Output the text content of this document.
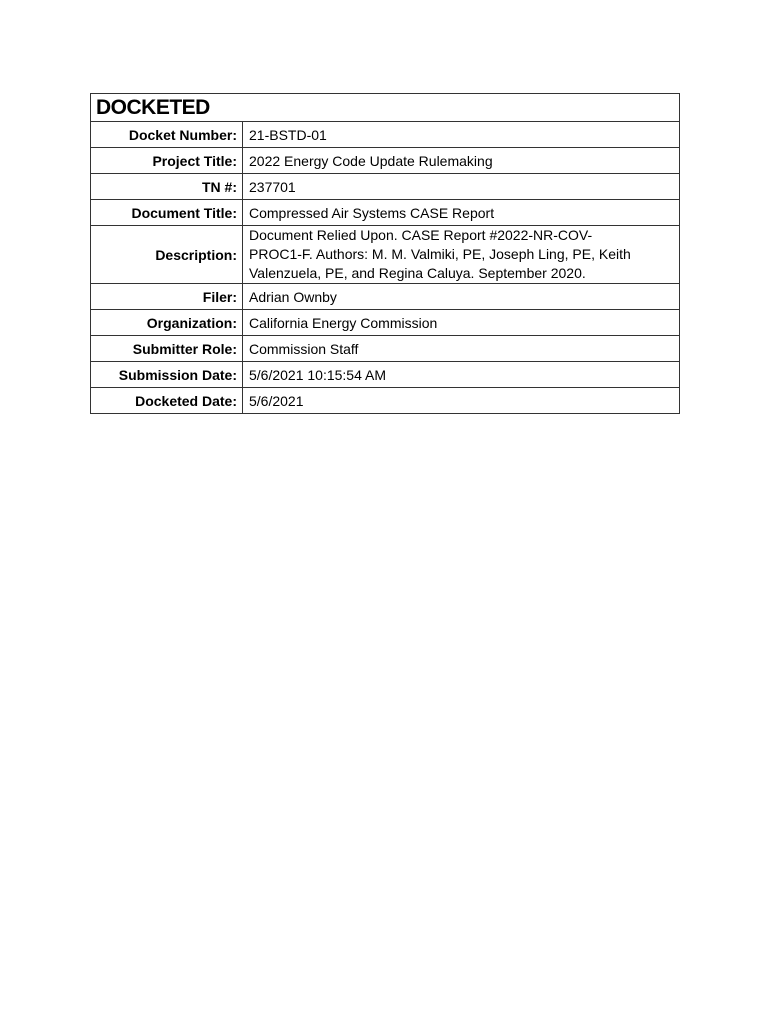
DOCKETED	
Docket Number:	21-BSTD-01
Project Title:	2022 Energy Code Update Rulemaking
TN #:	237701
Document Title:	Compressed Air Systems CASE Report
Description:	Document Relied Upon. CASE Report #2022-NR-COV-
PROC1-F. Authors: M. M. Valmiki, PE, Joseph Ling, PE, Keith
Valenzuela, PE, and Regina Caluya. September 2020.

Filer:	Adrian Ownby
Organization:	California Energy Commission
Submitter Role:	Commission Staff
Submission Date:	5/6/2021 10:15:54 AM
Docketed Date:	5/6/2021
